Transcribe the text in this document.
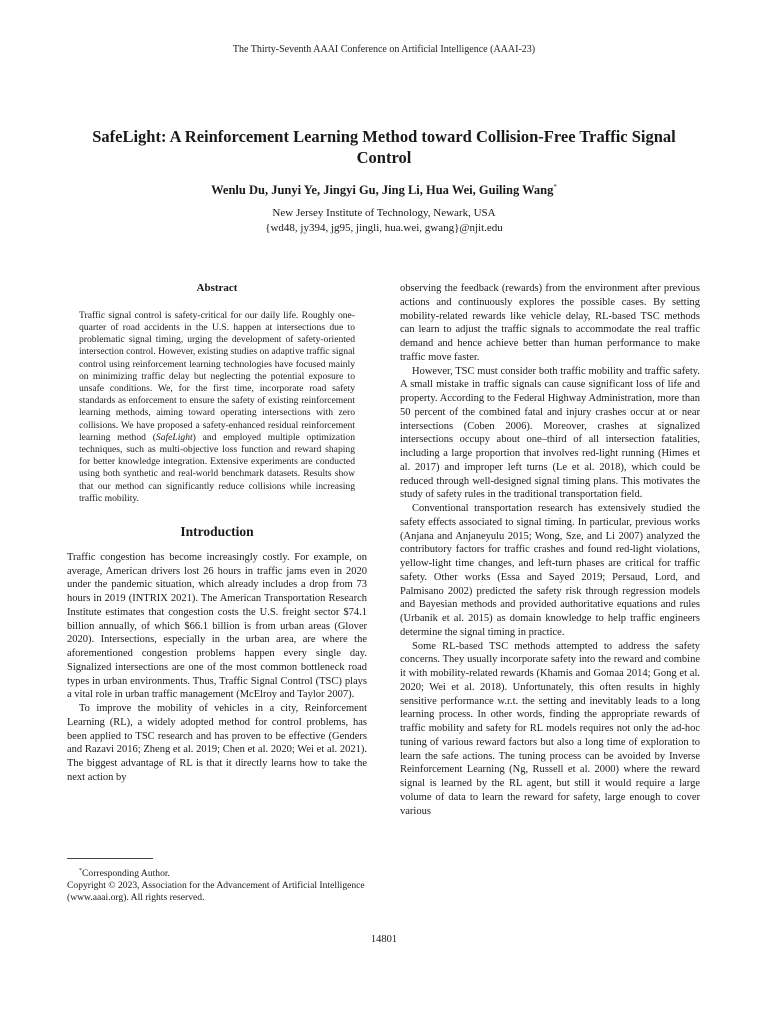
The Thirty-Seventh AAAI Conference on Artificial Intelligence (AAAI-23)
SafeLight: A Reinforcement Learning Method toward Collision-Free Traffic Signal Control
Wenlu Du, Junyi Ye, Jingyi Gu, Jing Li, Hua Wei, Guiling Wang*
New Jersey Institute of Technology, Newark, USA
{wd48, jy394, jg95, jingli, hua.wei, gwang}@njit.edu
Abstract

Traffic signal control is safety-critical for our daily life. Roughly one-quarter of road accidents in the U.S. happen at intersections due to problematic signal timing, urging the development of safety-oriented intersection control. However, existing studies on adaptive traffic signal control using reinforcement learning technologies have focused mainly on minimizing traffic delay but neglecting the potential exposure to unsafe conditions. We, for the first time, incorporate road safety standards as enforcement to ensure the safety of existing reinforcement learning methods, aiming toward operating intersections with zero collisions. We have proposed a safety-enhanced residual reinforcement learning method (SafeLight) and employed multiple optimization techniques, such as multi-objective loss function and reward shaping for better knowledge integration. Extensive experiments are conducted using both synthetic and real-world benchmark datasets. Results show that our method can significantly reduce collisions while increasing traffic mobility.

Introduction

Traffic congestion has become increasingly costly. For example, on average, American drivers lost 26 hours in traffic jams even in 2020 under the pandemic situation, which already includes a drop from 73 hours in 2019 (INTRIX 2021). The American Transportation Research Institute estimates that congestion costs the U.S. freight sector $74.1 billion annually, of which $66.1 billion is from urban areas (Glover 2020). Intersections, especially in the urban area, are where the aforementioned congestion problems happen every single day. Signalized intersections are one of the most common bottleneck road types in urban environments. Thus, Traffic Signal Control (TSC) plays a vital role in urban traffic management (McElroy and Taylor 2007).

To improve the mobility of vehicles in a city, Reinforcement Learning (RL), a widely adopted method for control problems, has been applied to TSC research and has proven to be effective (Genders and Razavi 2016; Zheng et al. 2019; Chen et al. 2020; Wei et al. 2021). The biggest advantage of RL is that it directly learns how to take the next action by

observing the feedback (rewards) from the environment after previous actions and continuously explores the possible cases. By setting mobility-related rewards like vehicle delay, RL-based TSC methods can learn to adjust the traffic signals to accommodate the real traffic demand and hence achieve better than human performance to make traffic move faster.

However, TSC must consider both traffic mobility and traffic safety. A small mistake in traffic signals can cause significant loss of life and property. According to the Federal Highway Administration, more than 50 percent of the combined fatal and injury crashes occur at or near intersections (Coben 2006). Moreover, crashes at signalized intersections occupy about one–third of all intersection fatalities, including a large proportion that involves red-light running (Himes et al. 2017) and improper left turns (Le et al. 2018), which could be reduced through well-designed signal timing plans. This motivates the study of safety rules in the traditional transportation field.

Conventional transportation research has extensively studied the safety effects associated to signal timing. In particular, previous works (Anjana and Anjaneyulu 2015; Wong, Sze, and Li 2007) analyzed the contributory factors for traffic crashes and found red-light violations, yellow-light time changes, and left-turn phases are critical for traffic safety. Other works (Essa and Sayed 2019; Persaud, Lord, and Palmisano 2002) predicted the safety risk through regression models and Bayesian methods and provided authoritative equations and rules (Urbanik et al. 2015) as domain knowledge to help traffic engineers determine the signal timing in practice.

Some RL-based TSC methods attempted to address the safety concerns. They usually incorporate safety into the reward and combine it with mobility-related rewards (Khamis and Gomaa 2014; Gong et al. 2020; Wei et al. 2018). Unfortunately, this often results in highly sensitive performance w.r.t. the setting and inevitably leads to a long learning process. In other words, finding the appropriate rewards of traffic mobility and safety for RL models requires not only the ad-hoc tuning of various reward factors but also a long time of exploration to learn the safe actions. The tuning process can be avoided by Inverse Reinforcement Learning (Ng, Russell et al. 2000) where the reward signal is learned by the RL agent, but still it would require a large volume of data to learn the reward for safety, large enough to cover various

*Corresponding Author.
Copyright © 2023, Association for the Advancement of Artificial Intelligence (www.aaai.org). All rights reserved.
14801
